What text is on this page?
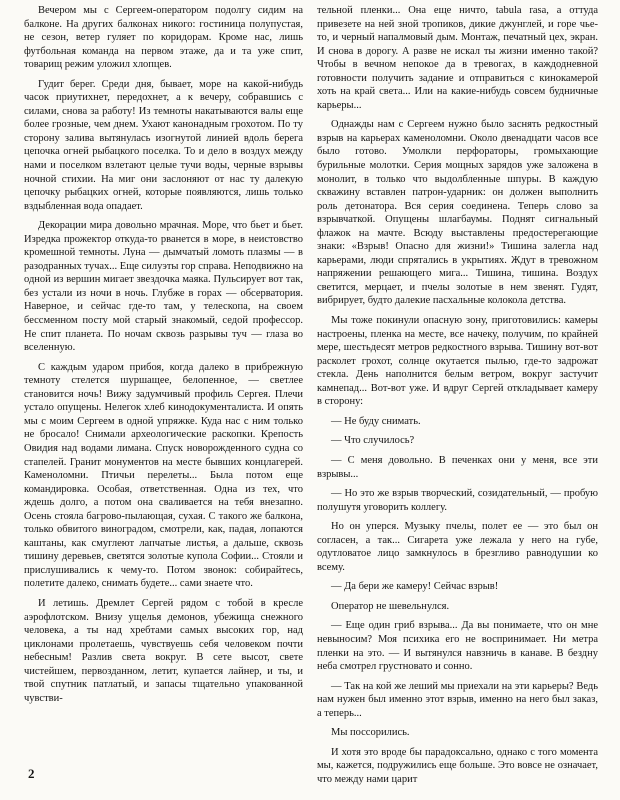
Вечером мы с Сергеем-оператором подолгу сидим на балконе. На других балконах никого: гостиница полупустая, не сезон, ветер гуляет по коридорам. Кроме нас, лишь футбольная команда на первом этаже, да и та уже спит, товарищ режим уложил хлопцев.

Гудит берег. Среди дня, бывает, море на какой-нибудь часок приутихнет, передохнет, а к вечеру, собравшись с силами, снова за работу! Из темноты накатываются валы еще более грозные, чем днем. Ухают канонадным грохотом. По ту сторону залива вытянулась изогнутой линией вдоль берега цепочка огней рыбацкого поселка. То и дело в воздух между нами и поселком взлетают целые тучи воды, черные взрывы ночной стихии. На миг они заслоняют от нас ту далекую цепочку рыбацких огней, которые появляются, лишь только вздыбленная вода опадает.

Декорации мира довольно мрачная. Море, что бьет и бьет. Изредка прожектор откуда-то рванется в море, в неистовство кромешной темноты. Луна — дымчатый ломоть плазмы — в разодранных тучах... Еще силуэты гор справа. Неподвижно на одной из вершин мигает звездочка маяка. Пульсирует вот так, без устали из ночи в ночь. Глубже в горах — обсерватория. Наверное, и сейчас где-то там, у телескопа, на своем бессменном посту мой старый знакомый, седой профессор. Не спит планета. По ночам сквозь разрывы туч — глаза во вселенную.

С каждым ударом прибоя, когда далеко в прибрежную темноту стелется шуршащее, белопенное, — светлее становится ночь! Вижу задумчивый профиль Сергея. Плечи устало опущены. Нелегок хлеб кинодокументалиста. И опять мы с моим Сергеем в одной упряжке. Куда нас с ним только не бросало! Снимали археологические раскопки. Крепость Овидия над водами лимана. Спуск новорожденного судна со стапелей. Гранит монументов на месте бывших концлагерей. Каменоломни. Птичьи перелеты... Была потом еще командировка. Особая, ответственная. Одна из тех, что ждешь долго, а потом она сваливается на тебя внезапно. Осень стояла багрово-пылающая, сухая. С такого же балкона, только обвитого виноградом, смотрели, как, падая, лопаются каштаны, как смуглеют лапчатые листья, а дальше, сквозь тишину деревьев, светятся золотые купола Софии... Стояли и прислушивались к чему-то. Потом звонок: собирайтесь, полетите далеко, снимать будете... сами знаете что.

И летишь. Дремлет Сергей рядом с тобой в кресле аэрофлотском. Внизу ущелья демонов, убежища снежного человека, а ты над хребтами самых высоких гор, над циклонами пролетаешь, чувствуешь себя человеком почти небесным! Разлив света вокруг. В сете высот, свете чистейшем, первозданном, летит, купается лайнер, и ты, и твой спутник патлатый, и запасы тщательно упакованной чувстви-

тельной пленки... Она еще ничто, tabula rasa, а оттуда привезете на ней зной тропиков, дикие джунглей, и горе чье-то, и черный напалмовый дым. Монтаж, печатный цех, экран. И снова в дорогу. А разве не искал ты жизни именно такой? Чтобы в вечном непокое да в тревогах, в каждодневной готовности получить задание и отправиться с кинокамерой хоть на край света... Или на какие-нибудь совсем будничные карьеры...

Однажды нам с Сергеем нужно было заснять редкостный взрыв на карьерах каменоломни. Около двенадцати часов все было готово. Умолкли перфораторы, громыхающие бурильные молотки. Серия мощных зарядов уже заложена в монолит, в только что выдолбленные шпуры. В каждую скважину вставлен патрон-ударник: он должен выполнить роль детонатора. Вся серия соединена. Теперь слово за взрывчаткой. Опущены шлагбаумы. Поднят сигнальный флажок на мачте. Всюду выставлены предостерегающие знаки: «Взрыв! Опасно для жизни!» Тишина залегла над карьерами, люди спрятались в укрытиях. Ждут в тревожном напряжении решающего мига... Тишина, тишина. Воздух светится, мерцает, и пчелы золотые в нем звенят. Гудят, вибрирует, будто далекие пасхальные колокола детства.

Мы тоже покинули опасную зону, приготовились: камеры настроены, пленка на месте, все начеку, получим, по крайней мере, шестьдесят метров редкостного взрыва. Тишину вот-вот расколет грохот, солнце окутается пылью, где-то задрожат стекла. День наполнится белым ветром, вокруг застучит камнепад... Вот-вот уже. И вдруг Сергей откладывает камеру в сторону:

— Не буду снимать.

— Что случилось?

— С меня довольно. В печенках они у меня, все эти взрывы...

— Но это же взрыв творческий, созидательный, — пробую полушутя уговорить коллегу.

Но он уперся. Музыку пчелы, полет ее — это был он согласен, а так... Сигарета уже лежала у него на губе, одутловатое лицо замкнулось в брезгливо равнодушии ко всему.

— Да бери же камеру! Сейчас взрыв!

Оператор не шевельнулся.

— Еще один гриб взрыва... Да вы понимаете, что он мне невыносим? Моя психика его не воспринимает. Ни метра пленки на это. — И вытянулся навзничь в канаве. В бездну неба смотрел грустновато и сонно.

— Так на кой же леший мы приехали на эти карьеры? Ведь нам нужен был именно этот взрыв, именно на него был заказ, а теперь...

Мы поссорились.

И хотя это вроде бы парадоксально, однако с того момента мы, кажется, подружились еще больше. Это вовсе не означает, что между нами царит

2
